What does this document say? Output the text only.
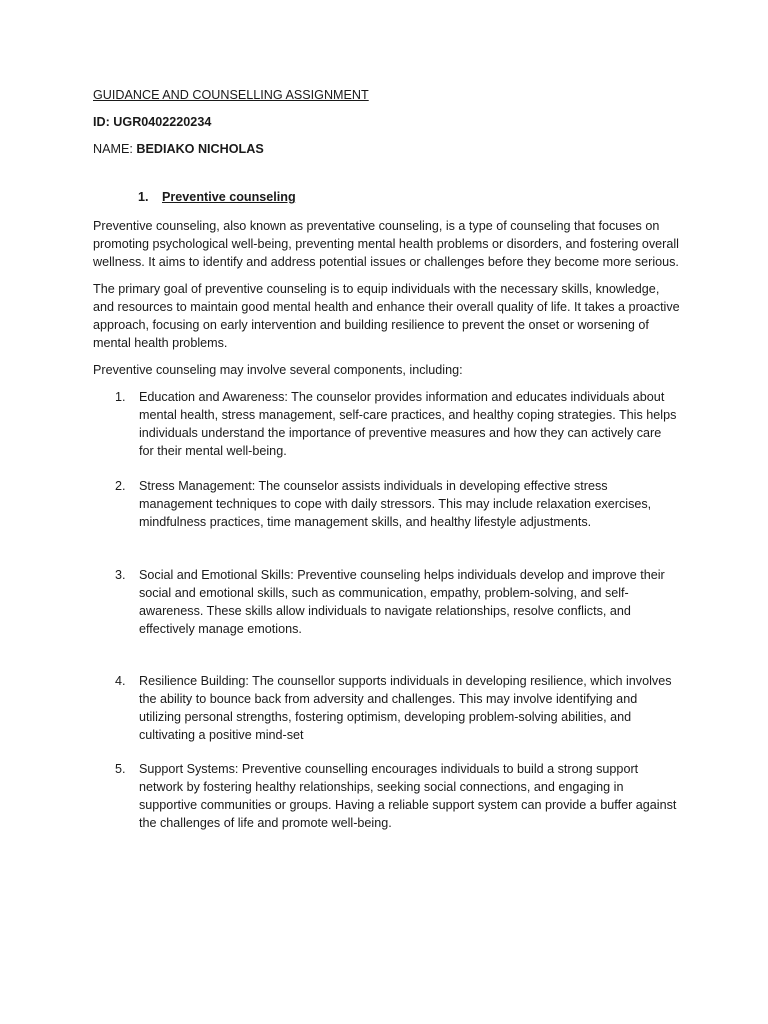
GUIDANCE AND COUNSELLING ASSIGNMENT

ID: UGR0402220234

NAME: BEDIAKO NICHOLAS

1. Preventive counseling

Preventive counseling, also known as preventative counseling, is a type of counseling that focuses on promoting psychological well-being, preventing mental health problems or disorders, and fostering overall wellness. It aims to identify and address potential issues or challenges before they become more serious.

The primary goal of preventive counseling is to equip individuals with the necessary skills, knowledge, and resources to maintain good mental health and enhance their overall quality of life. It takes a proactive approach, focusing on early intervention and building resilience to prevent the onset or worsening of mental health problems.

Preventive counseling may involve several components, including:

1. Education and Awareness: The counselor provides information and educates individuals about mental health, stress management, self-care practices, and healthy coping strategies. This helps individuals understand the importance of preventive measures and how they can actively care for their mental well-being.
2. Stress Management: The counselor assists individuals in developing effective stress management techniques to cope with daily stressors. This may include relaxation exercises, mindfulness practices, time management skills, and healthy lifestyle adjustments.
3. Social and Emotional Skills: Preventive counseling helps individuals develop and improve their social and emotional skills, such as communication, empathy, problem-solving, and self-awareness. These skills allow individuals to navigate relationships, resolve conflicts, and effectively manage emotions.
4. Resilience Building: The counsellor supports individuals in developing resilience, which involves the ability to bounce back from adversity and challenges. This may involve identifying and utilizing personal strengths, fostering optimism, developing problem-solving abilities, and cultivating a positive mind-set
5. Support Systems: Preventive counselling encourages individuals to build a strong support network by fostering healthy relationships, seeking social connections, and engaging in supportive communities or groups. Having a reliable support system can provide a buffer against the challenges of life and promote well-being.
